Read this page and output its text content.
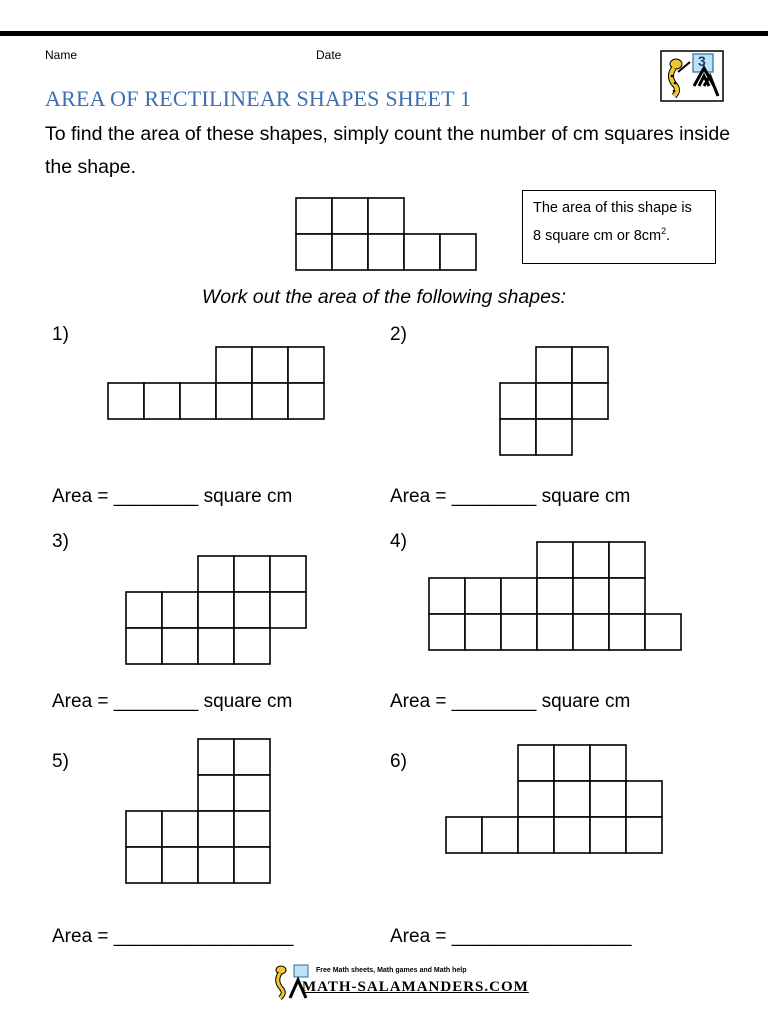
Name	Date	3
AREA OF RECTILINEAR SHAPES SHEET 1
To find the area of these shapes, simply count the number of cm squares inside the shape.
The area of this shape is
8 square cm or $8cm^2$.
Work out the area of the following shapes:
1)	2)
3)	4)
5)	6)
Area = ________ square cm	Area = ________ square cm
Area = ________ square cm	Area = ________ square cm
Area = _________________	Area = _________________
Free Math sheets, Math games and Math help
MATH-SALAMANDERS.COM
